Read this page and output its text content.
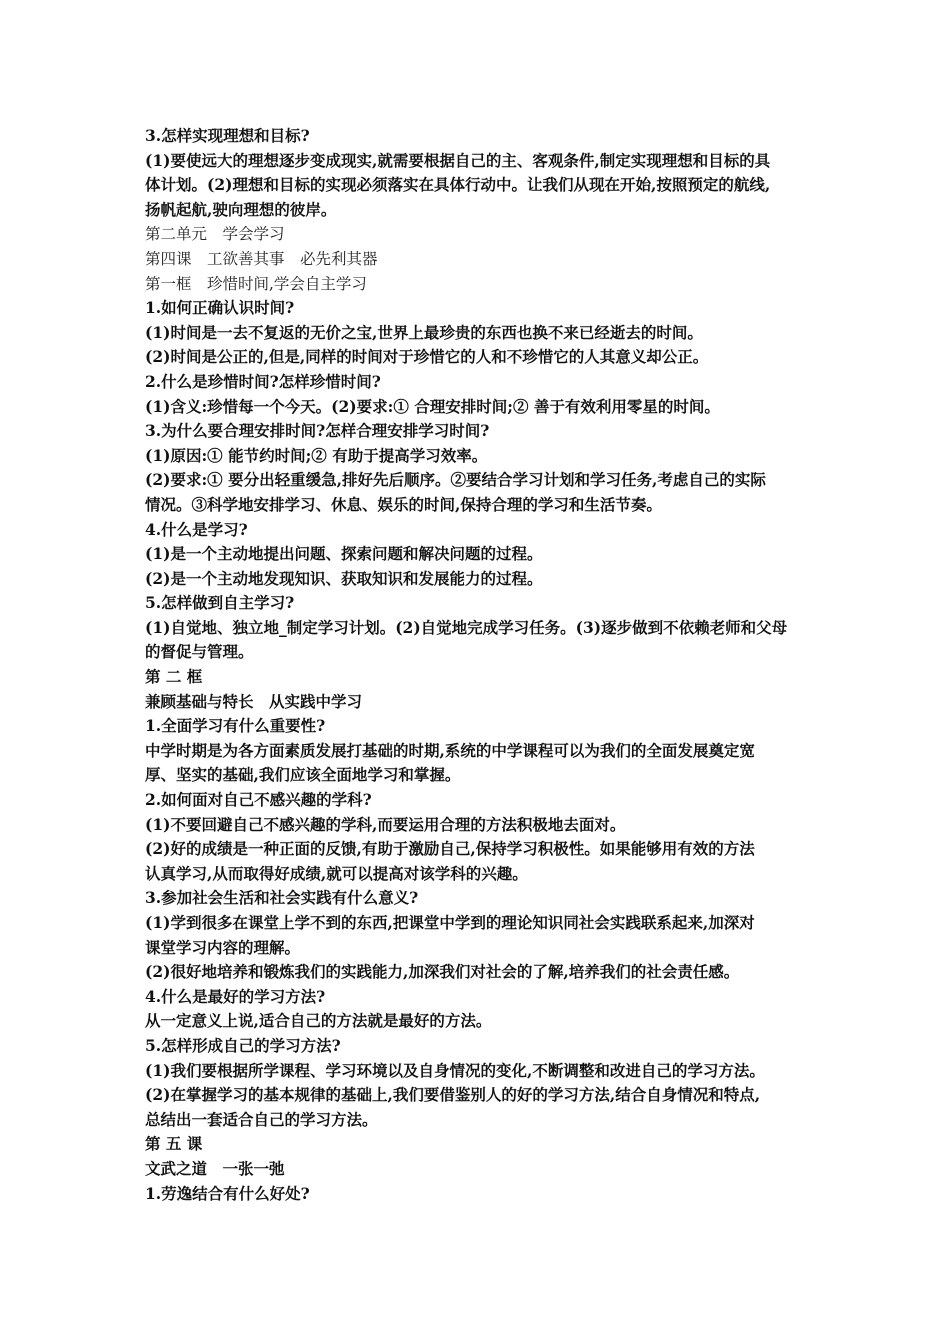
3.怎样实现理想和目标?
(1)要使远大的理想逐步变成现实,就需要根据自己的主、客观条件,制定实现理想和目标的具
体计划。(2)理想和目标的实现必须落实在具体行动中。让我们从现在开始,按照预定的航线,
扬帆起航,驶向理想的彼岸。
第二单元　学会学习
第四课　工欲善其事　必先利其器
第一框　珍惜时间,学会自主学习
1.如何正确认识时间?
(1)时间是一去不复返的无价之宝,世界上最珍贵的东西也换不来已经逝去的时间。
(2)时间是公正的,但是,同样的时间对于珍惜它的人和不珍惜它的人其意义却公正。
2.什么是珍惜时间?怎样珍惜时间?
(1)含义:珍惜每一个今天。(2)要求:① 合理安排时间;② 善于有效利用零星的时间。
3.为什么要合理安排时间?怎样合理安排学习时间?
(1)原因:① 能节约时间;② 有助于提高学习效率。
(2)要求:① 要分出轻重缓急,排好先后顺序。②要结合学习计划和学习任务,考虑自己的实际
情况。③科学地安排学习、休息、娱乐的时间,保持合理的学习和生活节奏。
4.什么是学习?
(1)是一个主动地提出问题、探索问题和解决问题的过程。
(2)是一个主动地发现知识、获取知识和发展能力的过程。
5.怎样做到自主学习?
(1)自觉地、独立地_制定学习计划。(2)自觉地完成学习任务。(3)逐步做到不依赖老师和父母
的督促与管理。
第 二 框
兼顾基础与特长　从实践中学习
1.全面学习有什么重要性?
中学时期是为各方面素质发展打基础的时期,系统的中学课程可以为我们的全面发展奠定宽
厚、坚实的基础,我们应该全面地学习和掌握。
2.如何面对自己不感兴趣的学科?
(1)不要回避自己不感兴趣的学科,而要运用合理的方法积极地去面对。
(2)好的成绩是一种正面的反馈,有助于激励自己,保持学习积极性。如果能够用有效的方法
认真学习,从而取得好成绩,就可以提高对该学科的兴趣。
3.参加社会生活和社会实践有什么意义?
(1)学到很多在课堂上学不到的东西,把课堂中学到的理论知识同社会实践联系起来,加深对
课堂学习内容的理解。
(2)很好地培养和锻炼我们的实践能力,加深我们对社会的了解,培养我们的社会责任感。
4.什么是最好的学习方法?
从一定意义上说,适合自己的方法就是最好的方法。
5.怎样形成自己的学习方法?
(1)我们要根据所学课程、学习环境以及自身情况的变化,不断调整和改进自己的学习方法。
(2)在掌握学习的基本规律的基础上,我们要借鉴别人的好的学习方法,结合自身情况和特点,
总结出一套适合自己的学习方法。
第 五 课
文武之道　一张一弛
1.劳逸结合有什么好处?
